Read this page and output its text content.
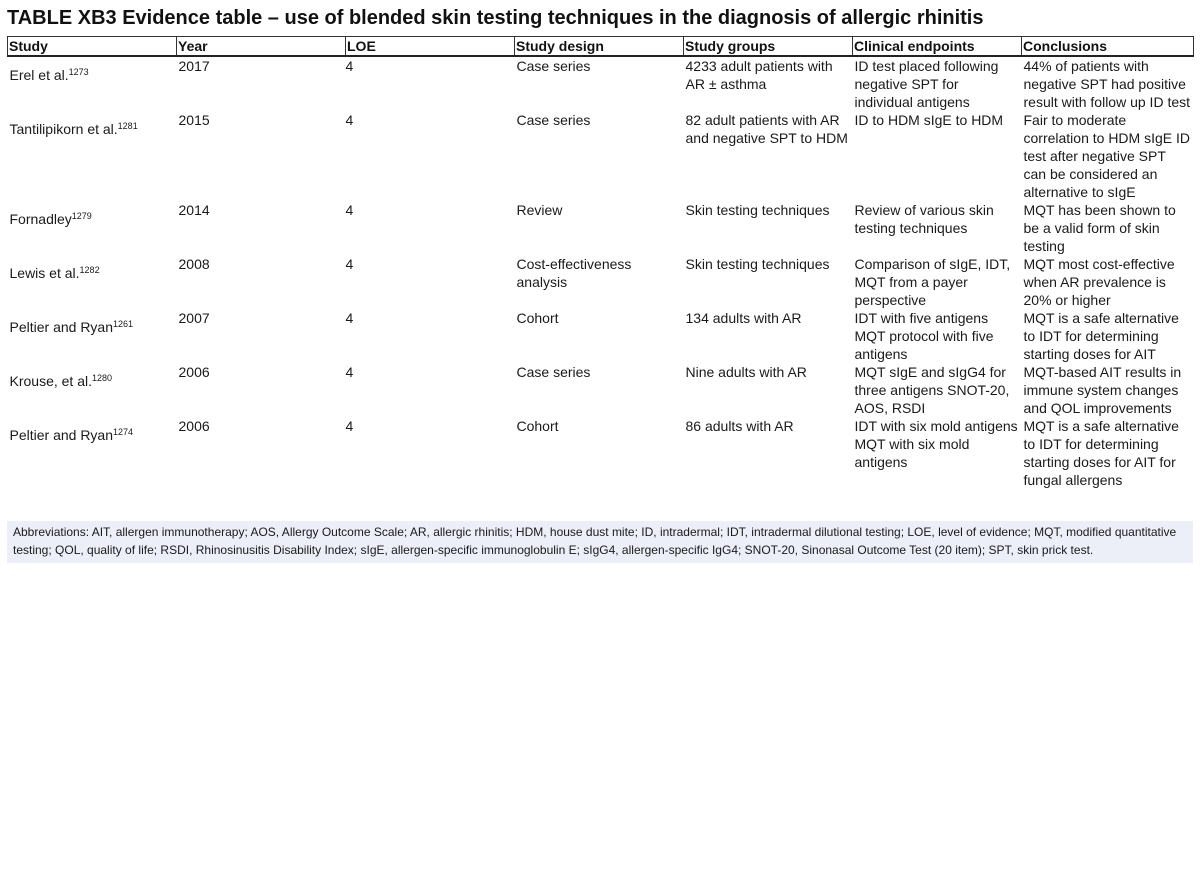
TABLE XB3 Evidence table – use of blended skin testing techniques in the diagnosis of allergic rhinitis
Study	Year	LOE	Study design	Study groups	Clinical endpoints	Conclusions
Erel et al.$^{1273}$	2017	4	Case series	4233 adult patients with AR ± asthma	ID test placed following negative SPT for individual antigens	44% of patients with negative SPT had positive result with follow up ID test
Tantilipikorn et al.$^{1281}$	2015	4	Case series	82 adult patients with AR and negative SPT to HDM	ID to HDM sIgE to HDM	Fair to moderate correlation to HDM sIgE ID test after negative SPT can be considered an alternative to sIgE
Fornadley$^{1279}$	2014	4	Review	Skin testing techniques	Review of various skin testing techniques	MQT has been shown to be a valid form of skin testing
Lewis et al.$^{1282}$	2008	4	Cost-effectiveness analysis	Skin testing techniques	Comparison of sIgE, IDT, MQT from a payer perspective	MQT most cost-effective when AR prevalence is 20% or higher
Peltier and Ryan$^{1261}$	2007	4	Cohort	134 adults with AR	IDT with five antigens MQT protocol with five antigens	MQT is a safe alternative to IDT for determining starting doses for AIT
Krouse, et al.$^{1280}$	2006	4	Case series	Nine adults with AR	MQT sIgE and sIgG4 for three antigens SNOT-20, AOS, RSDI	MQT-based AIT results in immune system changes and QOL improvements
Peltier and Ryan$^{1274}$	2006	4	Cohort	86 adults with AR	IDT with six mold antigens MQT with six mold antigens	MQT is a safe alternative to IDT for determining starting doses for AIT for fungal allergens
Abbreviations: AIT, allergen immunotherapy; AOS, Allergy Outcome Scale; AR, allergic rhinitis; HDM, house dust mite; ID, intradermal; IDT, intradermal dilutional testing; LOE, level of evidence; MQT, modified quantitative testing; QOL, quality of life; RSDI, Rhinosinusitis Disability Index; sIgE, allergen-specific immunoglobulin E; sIgG4, allergen-specific IgG4; SNOT-20, Sinonasal Outcome Test (20 item); SPT, skin prick test.
